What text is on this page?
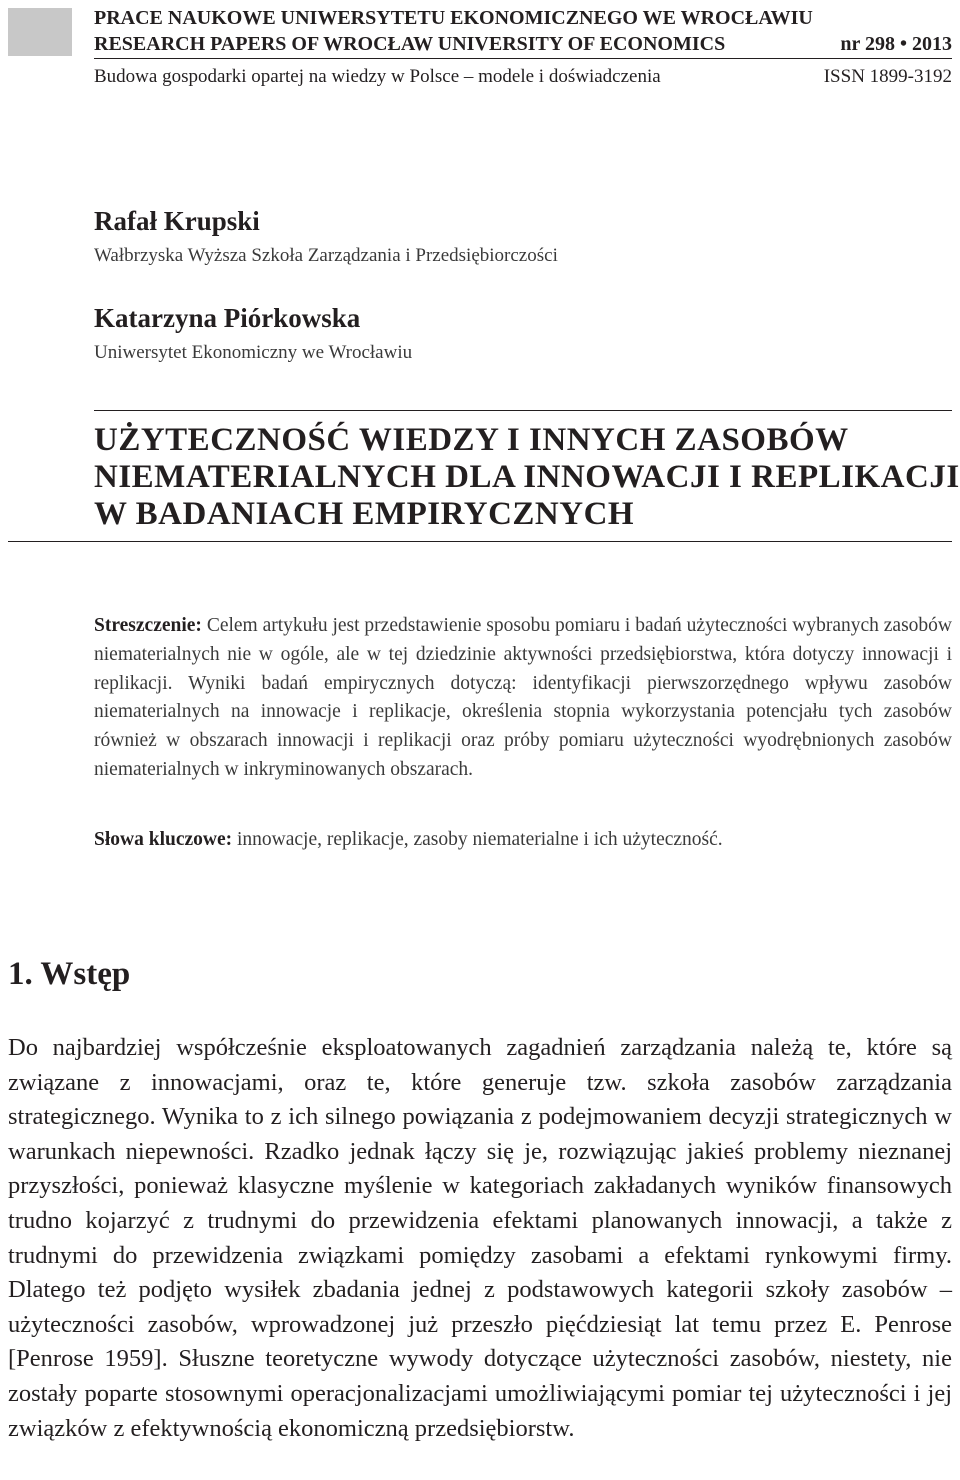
PRACE NAUKOWE UNIWERSYTETU EKONOMICZNEGO WE WROCŁAWIU
RESEARCH PAPERS OF WROCŁAW UNIVERSITY OF ECONOMICS	nr 298 • 2013
Budowa gospodarki opartej na wiedzy w Polsce – modele i doświadczenia	ISSN 1899-3192
Rafał Krupski
Wałbrzyska Wyższa Szkoła Zarządzania i Przedsiębiorczości
Katarzyna Piórkowska
Uniwersytet Ekonomiczny we Wrocławiu
UŻYTECZNOŚĆ WIEDZY I INNYCH ZASOBÓW
NIEMATERIALNYCH DLA INNOWACJI I REPLIKACJI
W BADANIACH EMPIRYCZNYCH
Streszczenie: Celem artykułu jest przedstawienie sposobu pomiaru i badań użyteczności wybranych zasobów niematerialnych nie w ogóle, ale w tej dziedzinie aktywności przedsiębiorstwa, która dotyczy innowacji i replikacji. Wyniki badań empirycznych dotyczą: identyfikacji pierwszorzędnego wpływu zasobów niematerialnych na innowacje i replikacje, określenia stopnia wykorzystania potencjału tych zasobów również w obszarach innowacji i replikacji oraz próby pomiaru użyteczności wyodrębnionych zasobów niematerialnych w inkryminowanych obszarach.
Słowa kluczowe: innowacje, replikacje, zasoby niematerialne i ich użyteczność.
1. Wstęp
Do najbardziej współcześnie eksploatowanych zagadnień zarządzania należą te, które są związane z innowacjami, oraz te, które generuje tzw. szkoła zasobów zarządzania strategicznego. Wynika to z ich silnego powiązania z podejmowaniem decyzji strategicznych w warunkach niepewności. Rzadko jednak łączy się je, rozwiązując jakieś problemy nieznanej przyszłości, ponieważ klasyczne myślenie w kategoriach zakładanych wyników finansowych trudno kojarzyć z trudnymi do przewidzenia efektami planowanych innowacji, a także z trudnymi do przewidzenia związkami pomiędzy zasobami a efektami rynkowymi firmy. Dlatego też podjęto wysiłek zbadania jednej z podstawowych kategorii szkoły zasobów – użyteczności zasobów, wprowadzonej już przeszło pięćdziesiąt lat temu przez E. Penrose [Penrose 1959]. Słuszne teoretyczne wywody dotyczące użyteczności zasobów, niestety, nie zostały poparte stosownymi operacjonalizacjami umożliwiającymi pomiar tej użyteczności i jej związków z efektywnością ekonomiczną przedsiębiorstw.
